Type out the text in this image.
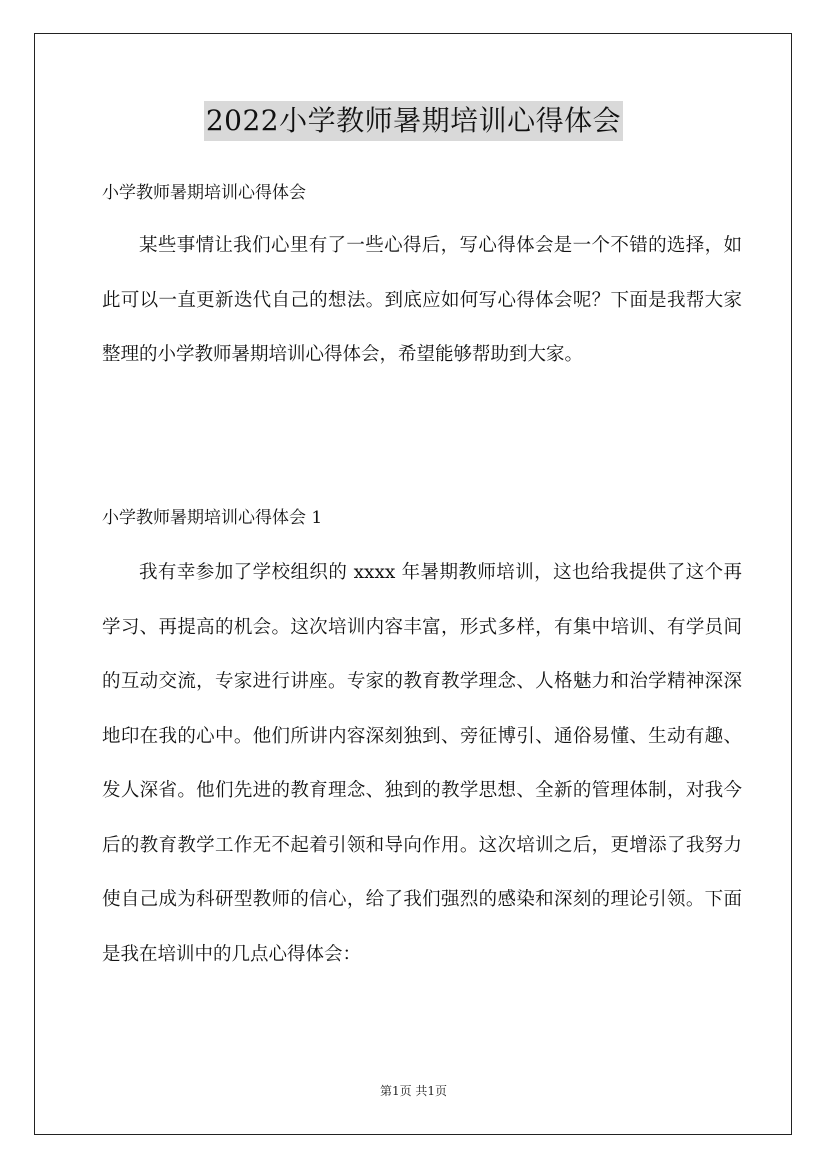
2022小学教师暑期培训心得体会
小学教师暑期培训心得体会

某些事情让我们心里有了一些心得后，写心得体会是一个不错的选择，如此可以一直更新迭代自己的想法。到底应如何写心得体会呢？下面是我帮大家整理的小学教师暑期培训心得体会，希望能够帮助到大家。

小学教师暑期培训心得体会 1

我有幸参加了学校组织的 xxxx 年暑期教师培训，这也给我提供了这个再学习、再提高的机会。这次培训内容丰富，形式多样，有集中培训、有学员间的互动交流，专家进行讲座。专家的教育教学理念、人格魅力和治学精神深深地印在我的心中。他们所讲内容深刻独到、旁征博引、通俗易懂、生动有趣、发人深省。他们先进的教育理念、独到的教学思想、全新的管理体制，对我今后的教育教学工作无不起着引领和导向作用。这次培训之后，更增添了我努力使自己成为科研型教师的信心，给了我们强烈的感染和深刻的理论引领。下面是我在培训中的几点心得体会：

第1页 共1页
